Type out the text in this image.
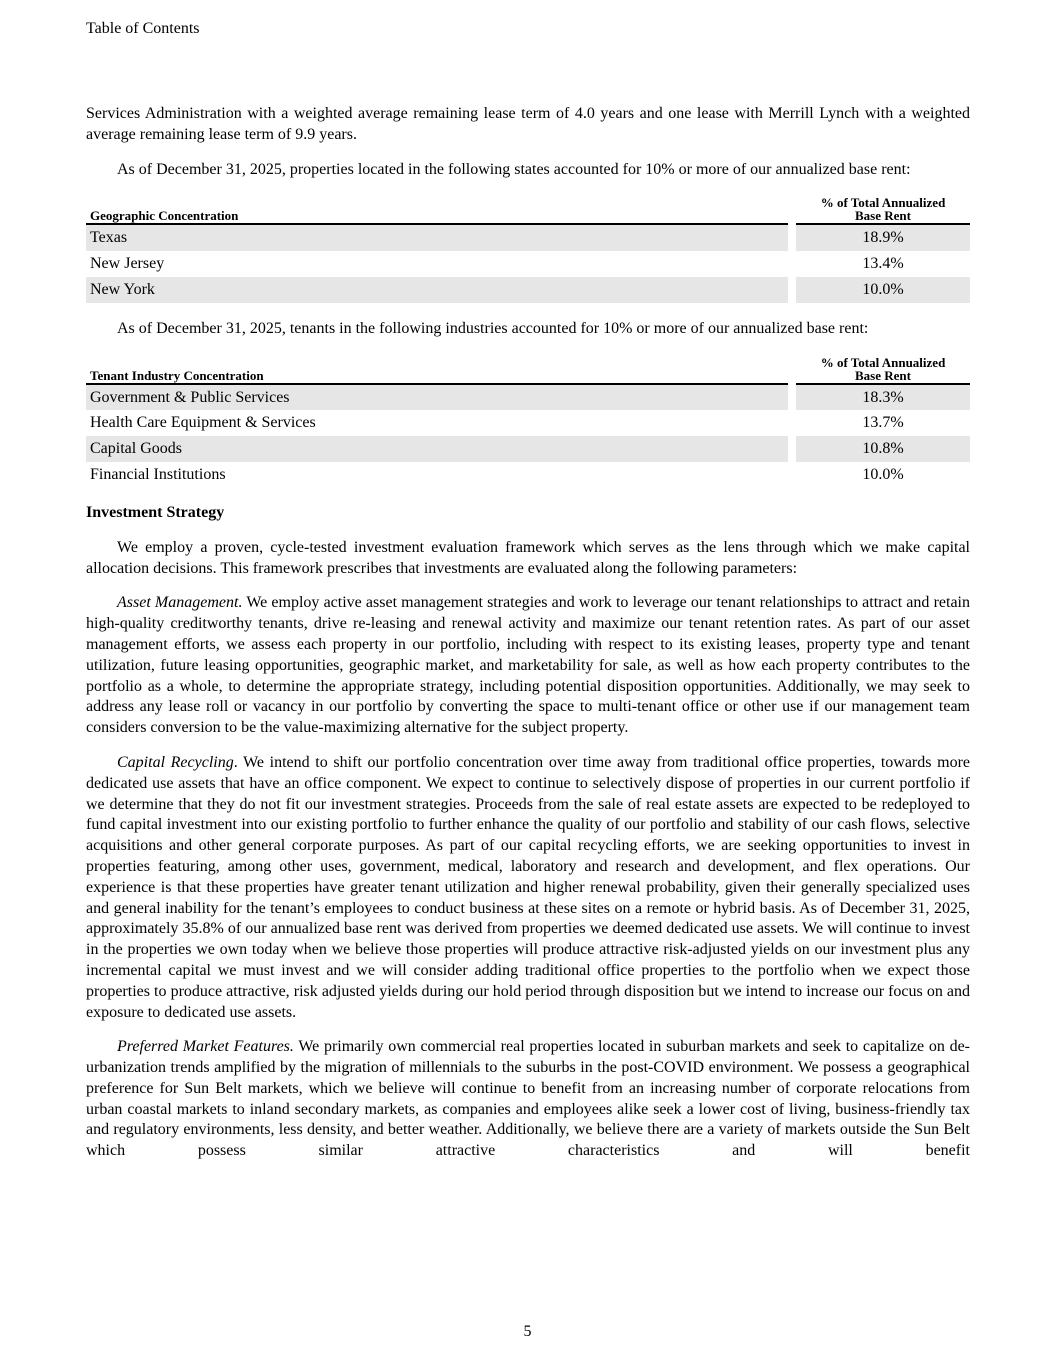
Table of Contents

Services Administration with a weighted average remaining lease term of 4.0 years and one lease with Merrill Lynch with a weighted average remaining lease term of 9.9 years.

As of December 31, 2025, properties located in the following states accounted for 10% or more of our annualized base rent:

Geographic Concentration		% of Total Annualized
Base Rent
Texas		18.9%
New Jersey		13.4%
New York		10.0%

As of December 31, 2025, tenants in the following industries accounted for 10% or more of our annualized base rent:

Tenant Industry Concentration		% of Total Annualized
Base Rent
Government & Public Services		18.3%
Health Care Equipment & Services		13.7%
Capital Goods		10.8%
Financial Institutions		10.0%
Investment Strategy

We employ a proven, cycle-tested investment evaluation framework which serves as the lens through which we make capital allocation decisions. This framework prescribes that investments are evaluated along the following parameters:

Asset Management. We employ active asset management strategies and work to leverage our tenant relationships to attract and retain high-quality creditworthy tenants, drive re-leasing and renewal activity and maximize our tenant retention rates. As part of our asset management efforts, we assess each property in our portfolio, including with respect to its existing leases, property type and tenant utilization, future leasing opportunities, geographic market, and marketability for sale, as well as how each property contributes to the portfolio as a whole, to determine the appropriate strategy, including potential disposition opportunities. Additionally, we may seek to address any lease roll or vacancy in our portfolio by converting the space to multi-tenant office or other use if our management team considers conversion to be the value-maximizing alternative for the subject property.

Capital Recycling. We intend to shift our portfolio concentration over time away from traditional office properties, towards more dedicated use assets that have an office component. We expect to continue to selectively dispose of properties in our current portfolio if we determine that they do not fit our investment strategies. Proceeds from the sale of real estate assets are expected to be redeployed to fund capital investment into our existing portfolio to further enhance the quality of our portfolio and stability of our cash flows, selective acquisitions and other general corporate purposes. As part of our capital recycling efforts, we are seeking opportunities to invest in properties featuring, among other uses, government, medical, laboratory and research and development, and flex operations. Our experience is that these properties have greater tenant utilization and higher renewal probability, given their generally specialized uses and general inability for the tenant’s employees to conduct business at these sites on a remote or hybrid basis. As of December 31, 2025, approximately 35.8% of our annualized base rent was derived from properties we deemed dedicated use assets. We will continue to invest in the properties we own today when we believe those properties will produce attractive risk-adjusted yields on our investment plus any incremental capital we must invest and we will consider adding traditional office properties to the portfolio when we expect those properties to produce attractive, risk adjusted yields during our hold period through disposition but we intend to increase our focus on and exposure to dedicated use assets.

Preferred Market Features. We primarily own commercial real properties located in suburban markets and seek to capitalize on de-urbanization trends amplified by the migration of millennials to the suburbs in the post-COVID environment. We possess a geographical preference for Sun Belt markets, which we believe will continue to benefit from an increasing number of corporate relocations from urban coastal markets to inland secondary markets, as companies and employees alike seek a lower cost of living, business-friendly tax and regulatory environments, less density, and better weather. Additionally, we believe there are a variety of markets outside the Sun Belt which possess similar attractive characteristics and will benefit

5
